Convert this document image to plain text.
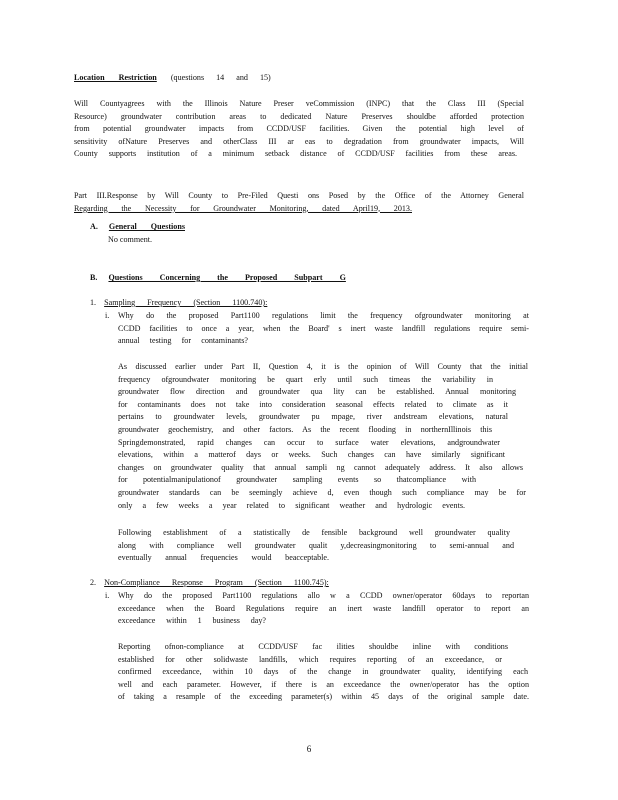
Location Restriction (questions 14 and 15)
Will Countyagrees with the Illinois Nature Preser veCommission (INPC) that the Class III (Special
Resource) groundwater contribution areas to dedicated Nature Preserves shouldbe afforded protection
from potential groundwater impacts from CCDD/USF facilities. Given the potential high level of
sensitivity ofNature Preserves and otherClass III ar eas to degradation from groundwater impacts, Will
County supports institution of a minimum setback distance of CCDD/USF facilities from these areas.
Part III.Response by Will County to Pre-Filed Questi ons Posed by the Office of the Attorney General
Regarding the Necessity for Groundwater Monitoring, dated April19, 2013.
A. General Questions
No comment.
B. Questions Concerning the Proposed Subpart G
1. Sampling Frequency (Section 1100.740):
i.	Why do the proposed Part1100 regulations limit the frequency ofgroundwater monitoring at
CCDD facilities to once a year, when the Board' s inert waste landfill regulations require semi-
annual testing for contaminants?
As discussed earlier under Part II, Question 4, it is the opinion of Will County that the initial
frequency ofgroundwater monitoring be quart erly until such timeas the variability in
groundwater flow direction and groundwater qua lity can be established. Annual monitoring
for contaminants does not take into consideration seasonal effects related to climate as it
pertains to groundwater levels, groundwater pu mpage, river andstream elevations, natural
groundwater geochemistry, and other factors. As the recent flooding in northernIllinois this
Springdemonstrated, rapid changes can occur to surface water elevations, andgroundwater
elevations, within a matterof days or weeks. Such changes can have similarly significant
changes on groundwater quality that annual sampli ng cannot adequately address. It also allows
for potentialmanipulationof groundwater sampling events so thatcompliance with
groundwater standards can be seemingly achieve d, even though such compliance may be for
only a few weeks a year related to significant weather and hydrologic events.
Following establishment of a statistically de fensible background well groundwater quality
along with compliance well groundwater qualit y,decreasingmonitoring to semi-annual and
eventually annual frequencies would beacceptable.
2. Non-Compliance Response Program (Section 1100.745):
i.	Why do the proposed Part1100 regulations allo w a CCDD owner/operator 60days to reportan
exceedance when the Board Regulations require an inert waste landfill operator to report an
exceedance within 1 business day?
Reporting ofnon-compliance at CCDD/USF fac ilities shouldbe inline with conditions
established for other solidwaste landfills, which requires reporting of an exceedance, or
confirmed exceedance, within 10 days of the change in groundwater quality, identifying each
well and each parameter. However, if there is an exceedance the owner/operator has the option
of taking a resample of the exceeding parameter(s) within 45 days of the original sample date.
6
